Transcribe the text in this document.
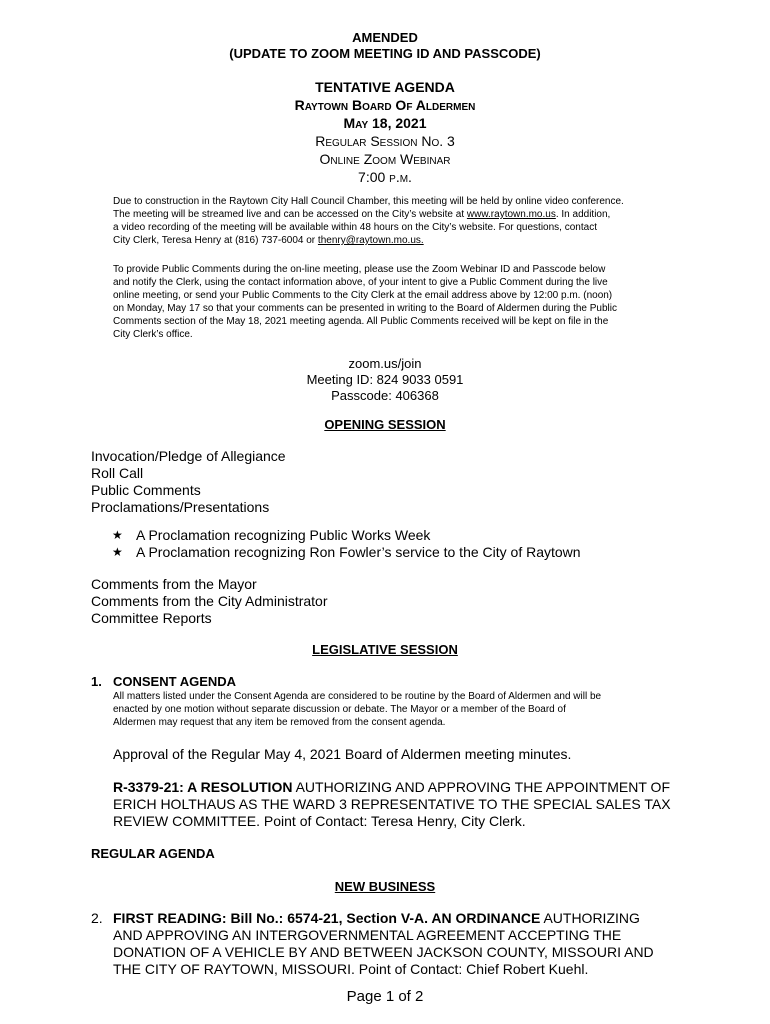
AMENDED

(UPDATE TO ZOOM MEETING ID AND PASSCODE)

TENTATIVE AGENDA

Raytown Board Of Aldermen

May 18, 2021

Regular Session No. 3

Online Zoom Webinar

7:00 p.m.

Due to construction in the Raytown City Hall Council Chamber, this meeting will be held by online video conference.

The meeting will be streamed live and can be accessed on the City’s website at www.raytown.mo.us. In addition,

a video recording of the meeting will be available within 48 hours on the City’s website. For questions, contact

City Clerk, Teresa Henry at (816) 737-6004 or thenry@raytown.mo.us.

To provide Public Comments during the on-line meeting, please use the Zoom Webinar ID and Passcode below

and notify the Clerk, using the contact information above, of your intent to give a Public Comment during the live

online meeting, or send your Public Comments to the City Clerk at the email address above by 12:00 p.m. (noon)

on Monday, May 17 so that your comments can be presented in writing to the Board of Aldermen during the Public

Comments section of the May 18, 2021 meeting agenda. All Public Comments received will be kept on file in the

City Clerk’s office.

zoom.us/join

Meeting ID: 824 9033 0591

Passcode: 406368

OPENING SESSION

Invocation/Pledge of Allegiance

Roll Call

Public Comments

Proclamations/Presentations

★ A Proclamation recognizing Public Works Week
★ A Proclamation recognizing Ron Fowler’s service to the City of Raytown

Comments from the Mayor

Comments from the City Administrator

Committee Reports

LEGISLATIVE SESSION

1. CONSENT AGENDA

All matters listed under the Consent Agenda are considered to be routine by the Board of Aldermen and will be

enacted by one motion without separate discussion or debate. The Mayor or a member of the Board of

Aldermen may request that any item be removed from the consent agenda.

Approval of the Regular May 4, 2021 Board of Aldermen meeting minutes.

R-3379-21: A RESOLUTION AUTHORIZING AND APPROVING THE APPOINTMENT OF

ERICH HOLTHAUS AS THE WARD 3 REPRESENTATIVE TO THE SPECIAL SALES TAX

REVIEW COMMITTEE. Point of Contact: Teresa Henry, City Clerk.

REGULAR AGENDA

NEW BUSINESS

2. FIRST READING: Bill No.: 6574-21, Section V-A. AN ORDINANCE AUTHORIZING

AND APPROVING AN INTERGOVERNMENTAL AGREEMENT ACCEPTING THE

DONATION OF A VEHICLE BY AND BETWEEN JACKSON COUNTY, MISSOURI AND

THE CITY OF RAYTOWN, MISSOURI. Point of Contact: Chief Robert Kuehl.

Page 1 of 2
